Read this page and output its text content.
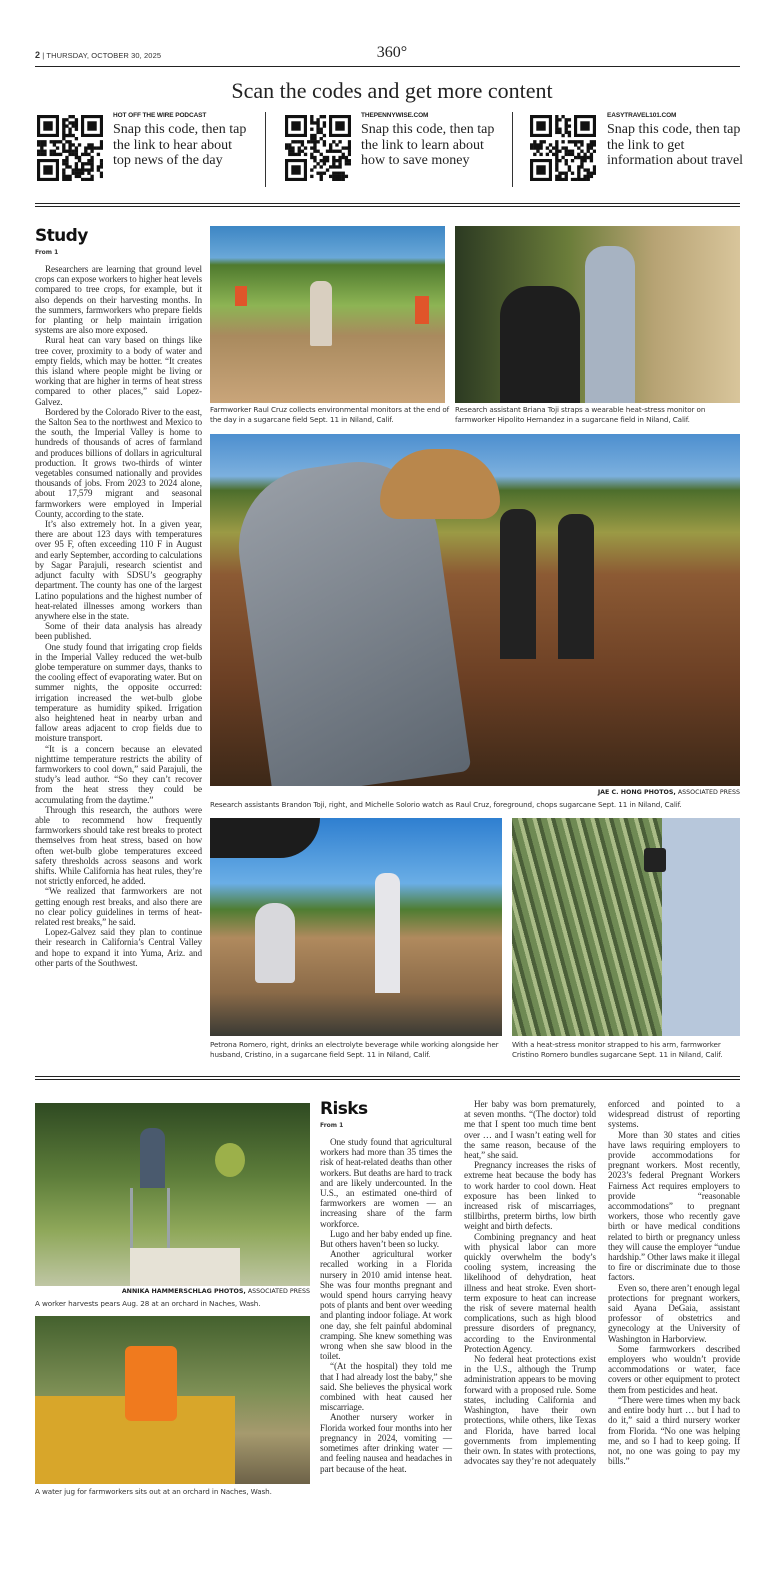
2 | THURSDAY, OCTOBER 30, 2025	360°
Scan the codes and get more content
HOT OFF THE WIRE PODCAST
Snap this code, then tap the link to hear about top news of the day
THEPENNYWISE.COM
Snap this code, then tap the link to learn about how to save money
EASYTRAVEL101.COM
Snap this code, then tap the link to get information about travel
Study
From 1

Researchers are learning that ground level crops can expose workers to higher heat levels compared to tree crops, for example, but it also depends on their harvesting months. In the summers, farmworkers who prepare fields for planting or help maintain irrigation systems are also more exposed.

Rural heat can vary based on things like tree cover, proximity to a body of water and empty fields, which may be hotter. “It creates this island where people might be living or working that are higher in terms of heat stress compared to other places,” said Lopez-Galvez.

Bordered by the Colorado River to the east, the Salton Sea to the northwest and Mexico to the south, the Imperial Valley is home to hundreds of thousands of acres of farmland and produces billions of dollars in agricultural production. It grows two-thirds of winter vegetables consumed nationally and provides thousands of jobs. From 2023 to 2024 alone, about 17,579 migrant and seasonal farmworkers were employed in Imperial County, according to the state.

It’s also extremely hot. In a given year, there are about 123 days with temperatures over 95 F, often exceeding 110 F in August and early September, according to calculations by Sagar Parajuli, research scientist and adjunct faculty with SDSU’s geography department. The county has one of the largest Latino populations and the highest number of heat-related illnesses among workers than anywhere else in the state.

Some of their data analysis has already been published.

One study found that irrigating crop fields in the Imperial Valley reduced the wet-bulb globe temperature on summer days, thanks to the cooling effect of evaporating water. But on summer nights, the opposite occurred: irrigation increased the wet-bulb globe temperature as humidity spiked. Irrigation also heightened heat in nearby urban and fallow areas adjacent to crop fields due to moisture transport.

“It is a concern because an elevated nighttime temperature restricts the ability of farmworkers to cool down,” said Parajuli, the study’s lead author. “So they can’t recover from the heat stress they could be accumulating from the daytime.”

Through this research, the authors were able to recommend how frequently farmworkers should take rest breaks to protect themselves from heat stress, based on how often wet-bulb globe temperatures exceed safety thresholds across seasons and work shifts. While California has heat rules, they’re not strictly enforced, he added.

“We realized that farmworkers are not getting enough rest breaks, and also there are no clear policy guidelines in terms of heat-related rest breaks,” he said.

Lopez-Galvez said they plan to continue their research in California’s Central Valley and hope to expand it into Yuma, Ariz. and other parts of the Southwest.

Farmworker Raul Cruz collects environmental monitors at the end of the day in a sugarcane field Sept. 11 in Niland, Calif.
Research assistant Briana Toji straps a wearable heat-stress monitor on farmworker Hipolito Hernandez in a sugarcane field in Niland, Calif.
JAE C. HONG PHOTOS, ASSOCIATED PRESS
Research assistants Brandon Toji, right, and Michelle Solorio watch as Raul Cruz, foreground, chops sugarcane Sept. 11 in Niland, Calif.
Petrona Romero, right, drinks an electrolyte beverage while working alongside her husband, Cristino, in a sugarcane field Sept. 11 in Niland, Calif.
With a heat-stress monitor strapped to his arm, farmworker Cristino Romero bundles sugarcane Sept. 11 in Niland, Calif.
ANNIKA HAMMERSCHLAG PHOTOS, ASSOCIATED PRESS
A worker harvests pears Aug. 28 at an orchard in Naches, Wash.
A water jug for farmworkers sits out at an orchard in Naches, Wash.
Risks
From 1

One study found that agricultural workers had more than 35 times the risk of heat-related deaths than other workers. But deaths are hard to track and are likely undercounted. In the U.S., an estimated one-third of farmworkers are women — an increasing share of the farm workforce.

Lugo and her baby ended up fine. But others haven’t been so lucky.

Another agricultural worker recalled working in a Florida nursery in 2010 amid intense heat. She was four months pregnant and would spend hours carrying heavy pots of plants and bent over weeding and planting indoor foliage. At work one day, she felt painful abdominal cramping. She knew something was wrong when she saw blood in the toilet.

“(At the hospital) they told me that I had already lost the baby,” she said. She believes the physical work combined with heat caused her miscarriage.

Another nursery worker in Florida worked four months into her pregnancy in 2024, vomiting — sometimes after drinking water — and feeling nausea and headaches in part because of the heat.

Her baby was born prematurely, at seven months. “(The doctor) told me that I spent too much time bent over … and I wasn’t eating well for the same reason, because of the heat,” she said.

Pregnancy increases the risks of extreme heat because the body has to work harder to cool down. Heat exposure has been linked to increased risk of miscarriages, stillbirths, preterm births, low birth weight and birth defects.

Combining pregnancy and heat with physical labor can more quickly overwhelm the body’s cooling system, increasing the likelihood of dehydration, heat illness and heat stroke. Even short-term exposure to heat can increase the risk of severe maternal health complications, such as high blood pressure disorders of pregnancy, according to the Environmental Protection Agency.

No federal heat protections exist in the U.S., although the Trump administration appears to be moving forward with a proposed rule. Some states, including California and Washington, have their own protections, while others, like Texas and Florida, have barred local governments from implementing their own. In states with protections, advocates say they’re not adequately enforced and pointed to a widespread distrust of reporting systems.

More than 30 states and cities have laws requiring employers to provide accommodations for pregnant workers. Most recently, 2023’s federal Pregnant Workers Fairness Act requires employers to provide “reasonable accommodations” to pregnant workers, those who recently gave birth or have medical conditions related to birth or pregnancy unless they will cause the employer “undue hardship.” Other laws make it illegal to fire or discriminate due to those factors.

Even so, there aren’t enough legal protections for pregnant workers, said Ayana DeGaia, assistant professor of obstetrics and gynecology at the University of Washington in Harborview.

Some farmworkers described employers who wouldn’t provide accommodations or water, face covers or other equipment to protect them from pesticides and heat.

“There were times when my back and entire body hurt … but I had to do it,” said a third nursery worker from Florida. “No one was helping me, and so I had to keep going. If not, no one was going to pay my bills.”
